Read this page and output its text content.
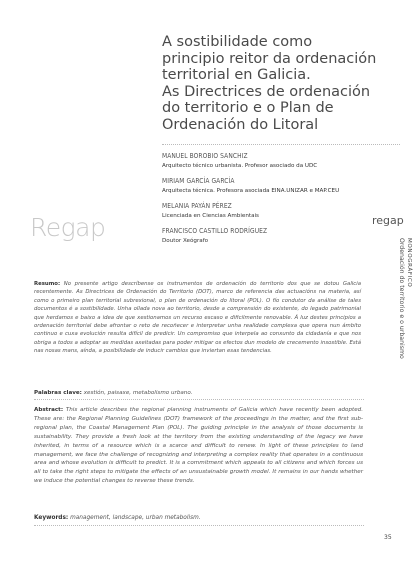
A sostibilidade como
principio reitor da ordenación
territorial en Galicia.
As Directrices de ordenación
do territorio e o Plan de
Ordenación do Litoral
MANUEL BOROBIO SANCHIZ
Arquitecto técnico urbanista. Profesor asociado da UDC
MIRIAM GARCÍA GARCÍA
Arquitecta técnica. Profesora asociada EINA.UNIZAR e MAP.CEU
MELANIA PAYÁN PÉREZ
Licenciada en Ciencias Ambientais
FRANCISCO CASTILLO RODRÍGUEZ
Doutor Xeógrafo
Regap	regap
MONOGRÁFICO
Ordenación do territorio e o urbanismo
Resumo: No presente artigo descríbense os instrumentos de ordenación do territorio dos que se dotou Galicia recentemente. As Directrices de Ordenación do Territorio (DOT), marco de referencia das actuacións na materia, así como o primeiro plan territorial subrexional, o plan de ordenación do litoral (POL). O fío condutor da análise de tales documentos é a sostibilidade. Unha ollada nova ao territorio, desde a comprensión do existente, do legado patrimonial que herdamos e baixo a idea de que xestionamos un recurso escaso e dificilmente renovable. Á luz destes principios a ordenación territorial debe afrontar o reto de recoñecer e interpretar unha realidade complexa que opera nun ámbito continuo e cuxa evolución resulta difícil de predicir. Un compromiso que interpela ao conxunto da cidadanía e que nos obriga a todos a adoptar as medidas axeitadas para poder mitigar os efectos dun modelo de crecemento insostible. Está nas nosas mans, aínda, a posibilidade de inducir cambios que inviertan esas tendencias.
Palabras clave: xestión, paisaxe, metabolismo urbano.
Abstract: This article describes the regional planning instruments of Galicia which have recently been adopted. These are: the Regional Planning Guidelines (DOT) framework of the proceedings in the matter, and the first sub-regional plan, the Coastal Management Plan (POL). The guiding principle in the analysis of those documents is sustainability. They provide a fresh look at the territory from the existing understanding of the legacy we have inherited, in terms of a resource which is a scarce and difficult to renew. In light of these principles to land management, we face the challenge of recognizing and interpreting a complex reality that operates in a continuous area and whose evolution is difficult to predict. It is a commitment which appeals to all citizens and which forces us all to take the right steps to mitigate the effects of an unsustainable growth model. It remains in our hands whether we induce the potential changes to reverse these trends.
Keywords: management, landscape, urban metabolism.
35
